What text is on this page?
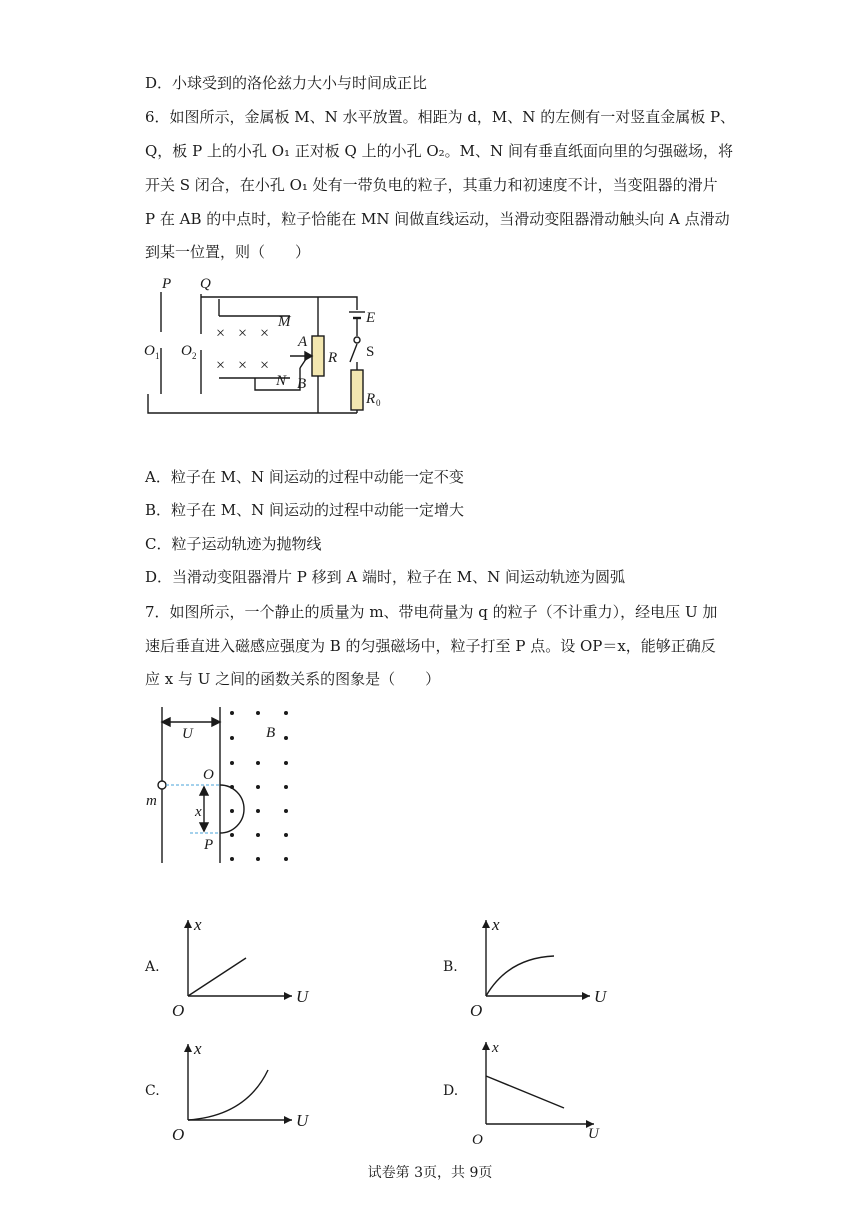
D．小球受到的洛伦兹力大小与时间成正比
6．如图所示，金属板 M、N 水平放置。相距为 d，M、N 的左侧有一对竖直金属板 P、
Q，板 P 上的小孔 O₁ 正对板 Q 上的小孔 O₂。M、N 间有垂直纸面向里的匀强磁场，将
开关 S 闭合，在小孔 O₁ 处有一带负电的粒子，其重力和初速度不计，当变阻器的滑片
P 在 AB 的中点时，粒子恰能在 MN 间做直线运动，当滑动变阻器滑动触头向 A 点滑动
到某一位置，则（　　）
P Q
O 1 O 2
M
N
A
B
R
E
S
R 0
× × ×
× × ×
A．粒子在 M、N 间运动的过程中动能一定不变
B．粒子在 M、N 间运动的过程中动能一定增大
C．粒子运动轨迹为抛物线
D．当滑动变阻器滑片 P 移到 A 端时，粒子在 M、N 间运动轨迹为圆弧
7．如图所示，一个静止的质量为 m、带电荷量为 q 的粒子（不计重力），经电压 U 加
速后垂直进入磁感应强度为 B 的匀强磁场中，粒子打至 P 点。设 OP＝x，能够正确反
应 x 与 U 之间的函数关系的图象是（　　）
U	B
O
m
x
P
A.	B.
C.	D.
x
U
O
x
U
O
x
U
O
x
U
O
试卷第 3页，共 9页
